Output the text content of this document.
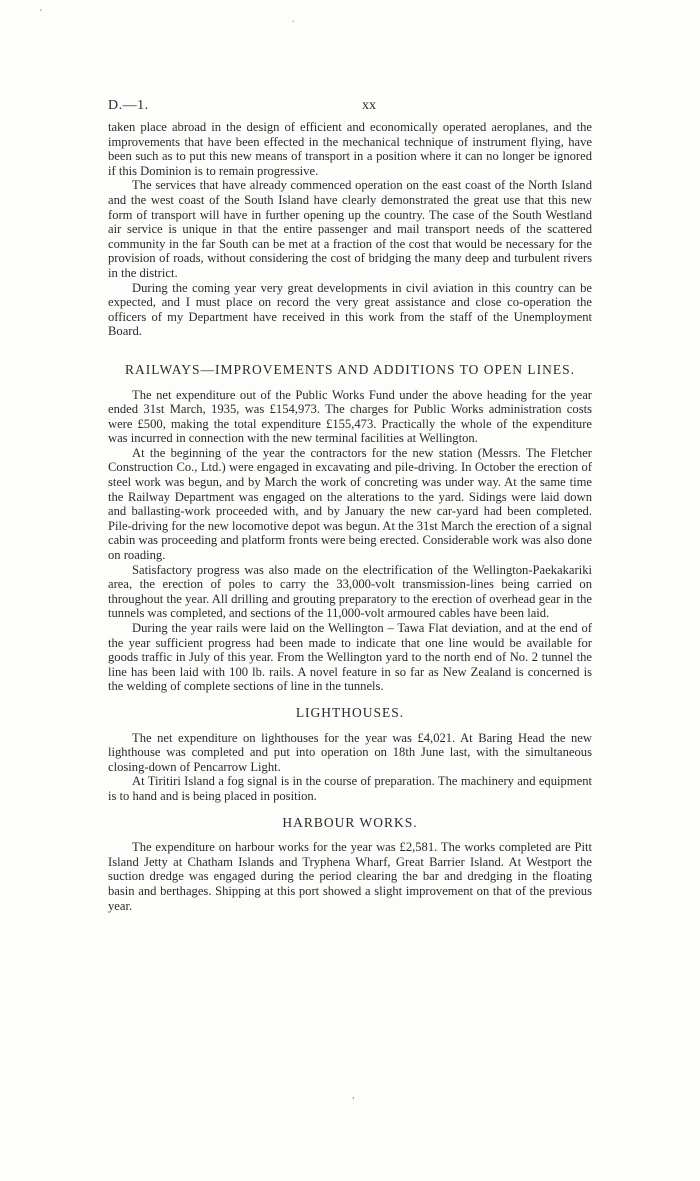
'
.
,
D.—1.	xx

taken place abroad in the design of efficient and economically operated aeroplanes, and the improvements that have been effected in the mechanical technique of instrument flying, have been such as to put this new means of transport in a position where it can no longer be ignored if this Dominion is to remain progressive.

The services that have already commenced operation on the east coast of the North Island and the west coast of the South Island have clearly demonstrated the great use that this new form of transport will have in further opening up the country. The case of the South Westland air service is unique in that the entire passenger and mail transport needs of the scattered community in the far South can be met at a fraction of the cost that would be necessary for the provision of roads, without considering the cost of bridging the many deep and turbulent rivers in the district.

During the coming year very great developments in civil aviation in this country can be expected, and I must place on record the very great assistance and close co-operation the officers of my Department have received in this work from the staff of the Unemployment Board.

RAILWAYS—IMPROVEMENTS AND ADDITIONS TO OPEN LINES.

The net expenditure out of the Public Works Fund under the above heading for the year ended 31st March, 1935, was £154,973. The charges for Public Works administration costs were £500, making the total expenditure £155,473. Practically the whole of the expenditure was incurred in connection with the new terminal facilities at Wellington.

At the beginning of the year the contractors for the new station (Messrs. The Fletcher Construction Co., Ltd.) were engaged in excavating and pile-driving. In October the erection of steel work was begun, and by March the work of concreting was under way. At the same time the Railway Department was engaged on the alterations to the yard. Sidings were laid down and ballasting-work proceeded with, and by January the new car-yard had been completed. Pile-driving for the new locomotive depot was begun. At the 31st March the erection of a signal cabin was proceeding and platform fronts were being erected. Considerable work was also done on roading.

Satisfactory progress was also made on the electrification of the Wellington-Paekakariki area, the erection of poles to carry the 33,000-volt transmission-lines being carried on throughout the year. All drilling and grouting preparatory to the erection of overhead gear in the tunnels was completed, and sections of the 11,000-volt armoured cables have been laid.

During the year rails were laid on the Wellington – Tawa Flat deviation, and at the end of the year sufficient progress had been made to indicate that one line would be available for goods traffic in July of this year. From the Wellington yard to the north end of No. 2 tunnel the line has been laid with 100 lb. rails. A novel feature in so far as New Zealand is concerned is the welding of complete sections of line in the tunnels.

LIGHTHOUSES.

The net expenditure on lighthouses for the year was £4,021. At Baring Head the new lighthouse was completed and put into operation on 18th June last, with the simultaneous closing-down of Pencarrow Light.

At Tiritiri Island a fog signal is in the course of preparation. The machinery and equipment is to hand and is being placed in position.

HARBOUR WORKS.

The expenditure on harbour works for the year was £2,581. The works completed are Pitt Island Jetty at Chatham Islands and Tryphena Wharf, Great Barrier Island. At Westport the suction dredge was engaged during the period clearing the bar and dredging in the floating basin and berthages. Shipping at this port showed a slight improvement on that of the previous year.
